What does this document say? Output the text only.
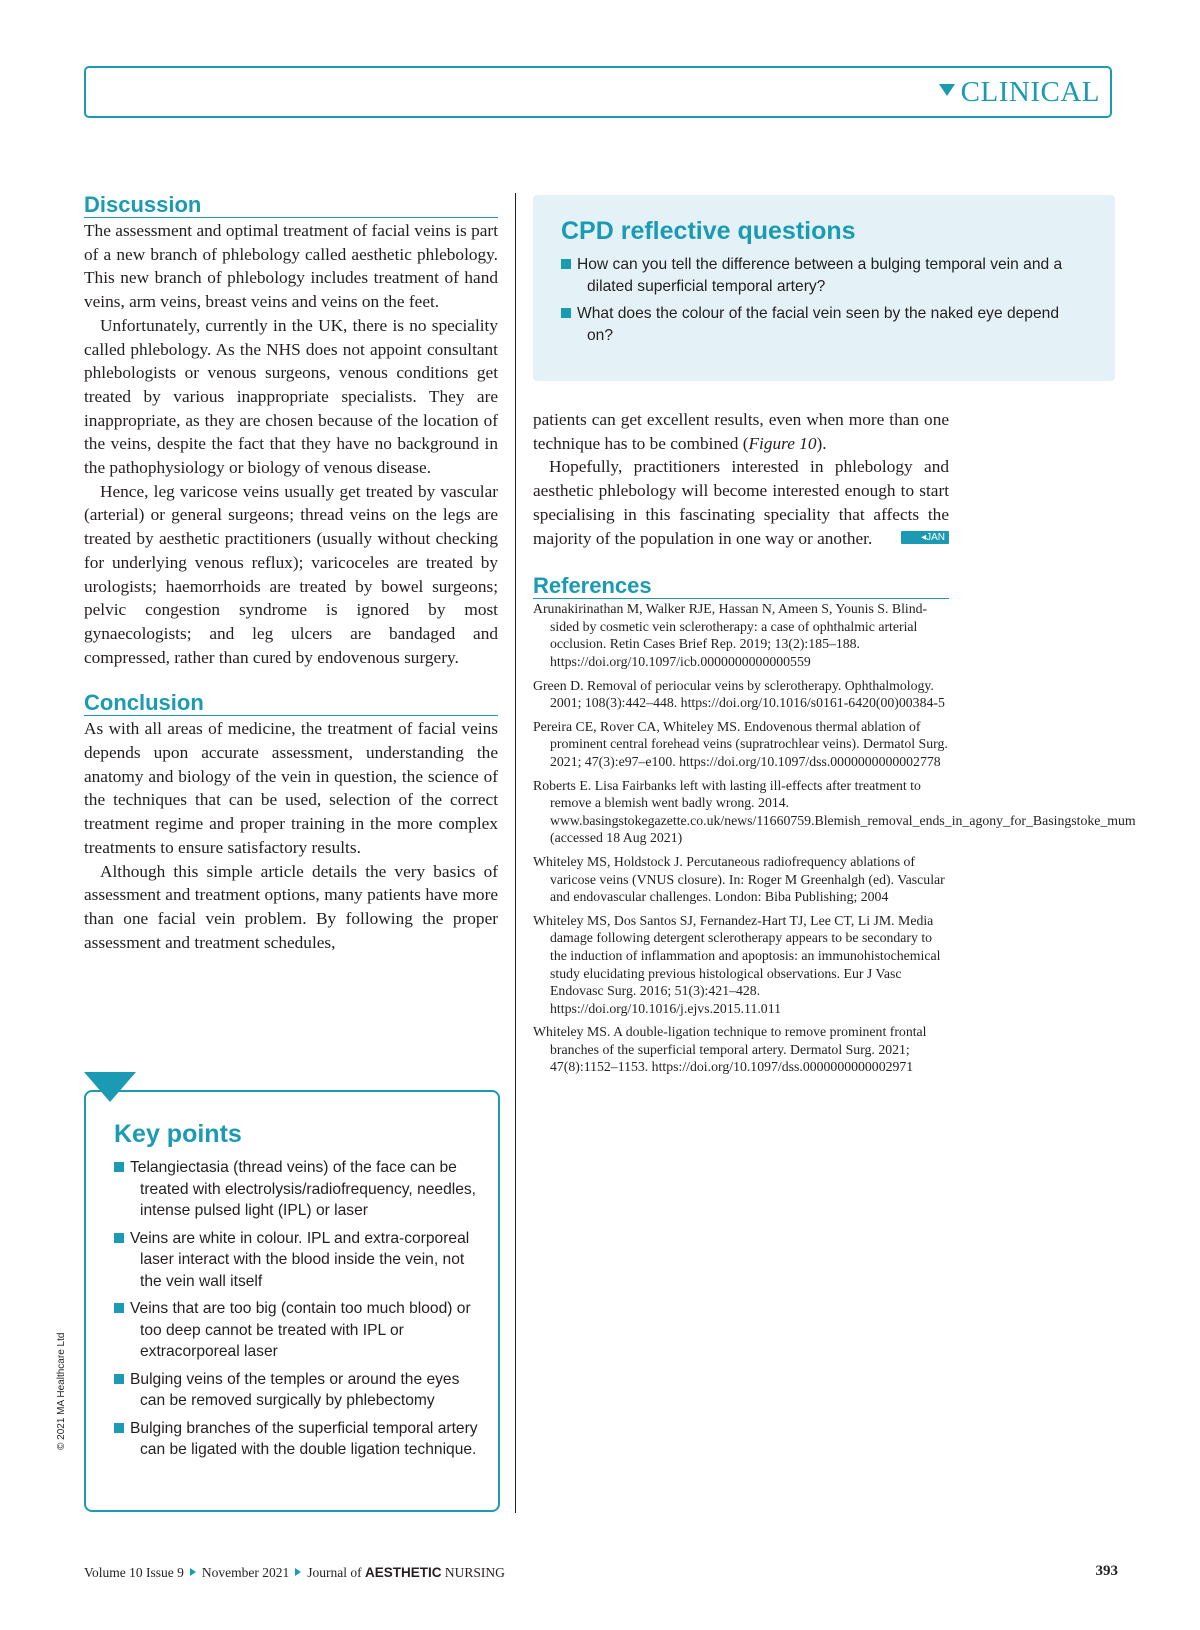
CLINICAL
Discussion

The assessment and optimal treatment of facial veins is part of a new branch of phlebology called aesthetic phlebology. This new branch of phlebology includes treatment of hand veins, arm veins, breast veins and veins on the feet.

Unfortunately, currently in the UK, there is no speciality called phlebology. As the NHS does not appoint consultant phlebologists or venous surgeons, venous conditions get treated by various inappropriate specialists. They are inappropriate, as they are chosen because of the location of the veins, despite the fact that they have no background in the pathophysiology or biology of venous disease.

Hence, leg varicose veins usually get treated by vascular (arterial) or general surgeons; thread veins on the legs are treated by aesthetic practitioners (usually without checking for underlying venous reflux); varicoceles are treated by urologists; haemorrhoids are treated by bowel surgeons; pelvic congestion syndrome is ignored by most gynaecologists; and leg ulcers are bandaged and compressed, rather than cured by endovenous surgery.

Conclusion

As with all areas of medicine, the treatment of facial veins depends upon accurate assessment, understanding the anatomy and biology of the vein in question, the science of the techniques that can be used, selection of the correct treatment regime and proper training in the more complex treatments to ensure satisfactory results.

Although this simple article details the very basics of assessment and treatment options, many patients have more than one facial vein problem. By following the proper assessment and treatment schedules,

Key points
Telangiectasia (thread veins) of the face can be treated with electrolysis/radiofrequency, needles, intense pulsed light (IPL) or laser
Veins are white in colour. IPL and extra-corporeal laser interact with the blood inside the vein, not the vein wall itself
Veins that are too big (contain too much blood) or too deep cannot be treated with IPL or extracorporeal laser
Bulging veins of the temples or around the eyes can be removed surgically by phlebectomy
Bulging branches of the superficial temporal artery can be ligated with the double ligation technique.
CPD reflective questions
How can you tell the difference between a bulging temporal vein and a dilated superficial temporal artery?
What does the colour of the facial vein seen by the naked eye depend on?

patients can get excellent results, even when more than one technique has to be combined (Figure 10).

Hopefully, practitioners interested in phlebology and aesthetic phlebology will become interested enough to start specialising in this fascinating speciality that affects the majority of the population in one way or another.	◂JAN

References

Arunakirinathan M, Walker RJE, Hassan N, Ameen S, Younis S. Blind-sided by cosmetic vein sclerotherapy: a case of ophthalmic arterial occlusion. Retin Cases Brief Rep. 2019; 13(2):185–188. https://doi.org/10.1097/icb.0000000000000559

Green D. Removal of periocular veins by sclerotherapy. Ophthalmology. 2001; 108(3):442–448. https://doi.org/10.1016/s0161-6420(00)00384-5

Pereira CE, Rover CA, Whiteley MS. Endovenous thermal ablation of prominent central forehead veins (supratrochlear veins). Dermatol Surg. 2021; 47(3):e97–e100. https://doi.org/10.1097/dss.0000000000002778

Roberts E. Lisa Fairbanks left with lasting ill-effects after treatment to remove a blemish went badly wrong. 2014. www.basingstokegazette.co.uk/news/11660759.Blemish_removal_ends_in_agony_for_Basingstoke_mum (accessed 18 Aug 2021)

Whiteley MS, Holdstock J. Percutaneous radiofrequency ablations of varicose veins (VNUS closure). In: Roger M Greenhalgh (ed). Vascular and endovascular challenges. London: Biba Publishing; 2004

Whiteley MS, Dos Santos SJ, Fernandez-Hart TJ, Lee CT, Li JM. Media damage following detergent sclerotherapy appears to be secondary to the induction of inflammation and apoptosis: an immunohistochemical study elucidating previous histological observations. Eur J Vasc Endovasc Surg. 2016; 51(3):421–428. https://doi.org/10.1016/j.ejvs.2015.11.011

Whiteley MS. A double-ligation technique to remove prominent frontal branches of the superficial temporal artery. Dermatol Surg. 2021; 47(8):1152–1153. https://doi.org/10.1097/dss.0000000000002971

© 2021 MA Healthcare Ltd
Volume 10 Issue 9 November 2021 Journal of AESTHETIC NURSING	393
